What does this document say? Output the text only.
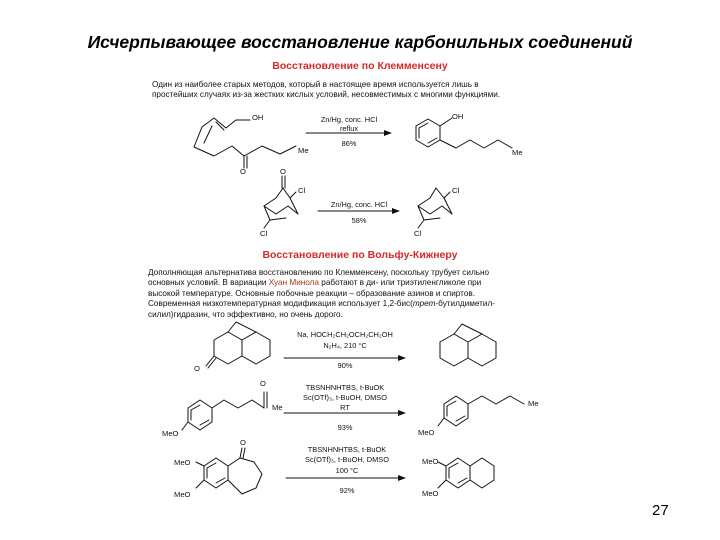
Исчерпывающее восстановление карбонильных соединений
Восстановление по Клемменсену
Один из наиболее старых методов, который в настоящее время используется лишь в
простейших случаях из-за жестких кислых условий, несовместимых с многими функциями.
OH
Me
O
Zn/Hg, conc. HCl
reflux
86%
OH
Me
O
Cl
Cl
Zn/Hg, conc. HCl
58%
Cl
Cl
Восстановление по Вольфу-Кижнеру
Дополняющая альтернатива восстановлению по Клемменсену, поскольку трубует сильно
основных условий. В вариации Хуан Минола работают в ди- или триэтиленгликоле при
высокой температуре. Основные побочные реакции – образование азинов и спиртов.
Современная низкотемпературная модификация использует 1,2-бис(трет-бутилдиметил-
силил)гидразин, что эффективно, но очень дорого.
O
Na, HOCH₂CH₂OCH₂CH₂OH
N₂H₄, 210 °C
90%
O
Me
MeO
TBSNHNHTBS, t-BuOK
Sc(OTf)₃, t-BuOH, DMSO
RT
93%
Me
MeO
O
MeO
MeO
TBSNHNHTBS, t-BuOK
Sc(OTf)₃, t-BuOH, DMSO
100 °C
92%
MeO
MeO
27
